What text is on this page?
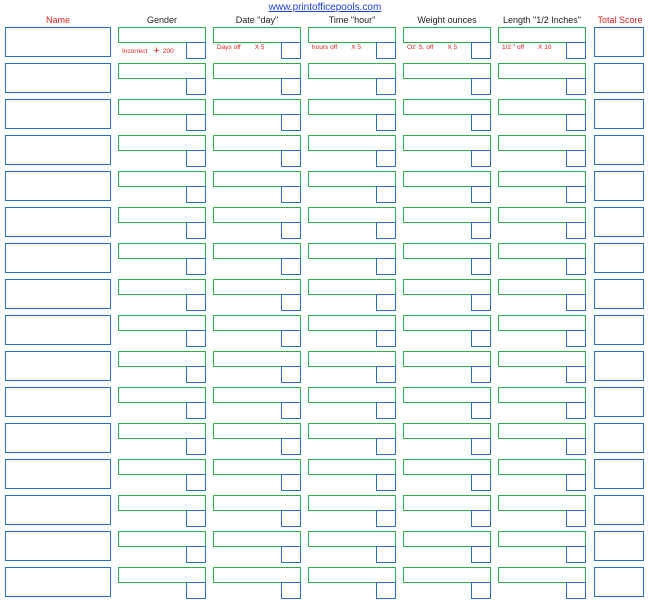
www.printofficepools.com
Name	Gender	Date "day"	Time "hour"	Weight ounces	Length "1/2 Inches"	Total Score
Incorrect  + 200
Days off X 5	hours off X 5	Oz' S. off X 5	1/2 " off X 10
